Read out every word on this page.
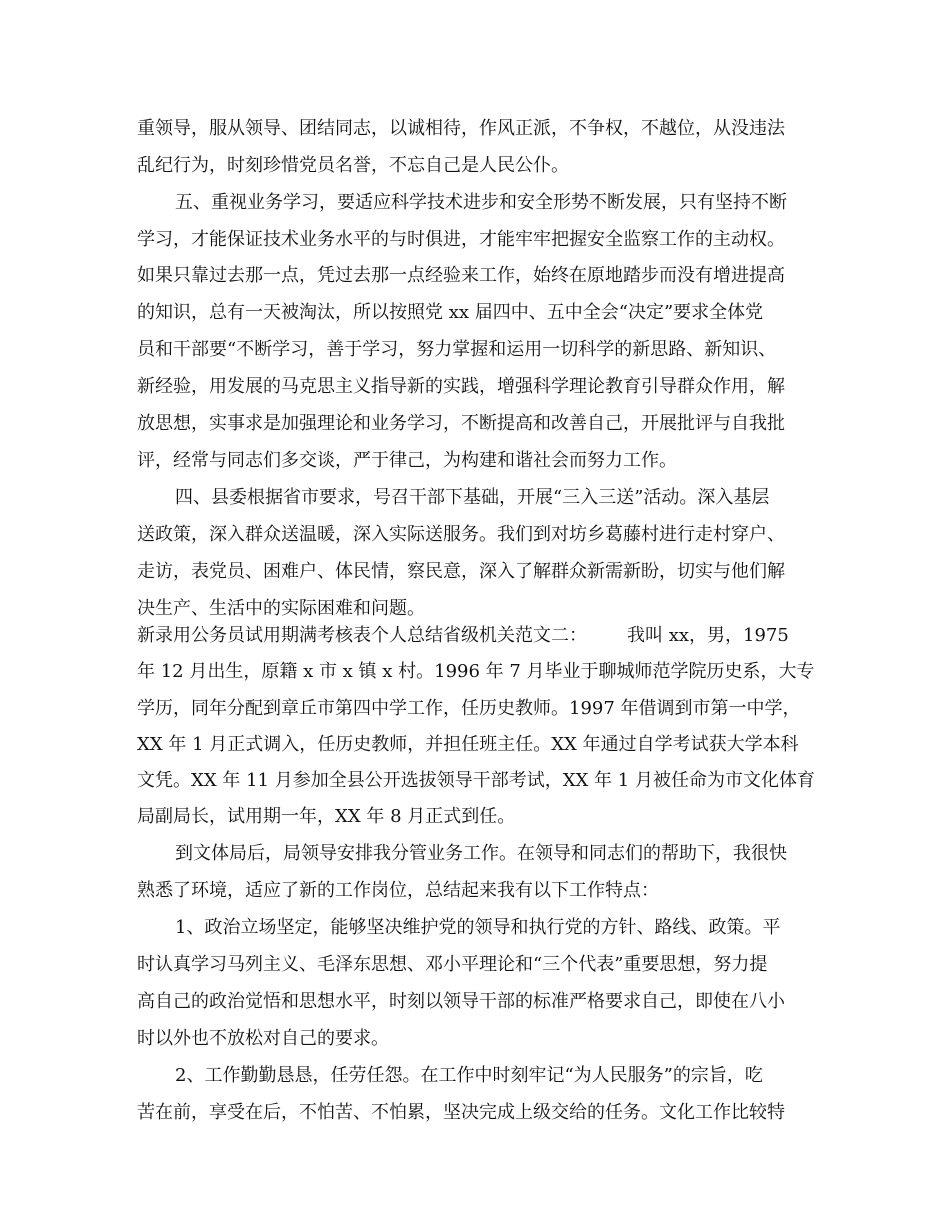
重领导，服从领导、团结同志，以诚相待，作风正派，不争权，不越位，从没违法

乱纪行为，时刻珍惜党员名誉，不忘自己是人民公仆。

五、重视业务学习，要适应科学技术进步和安全形势不断发展，只有坚持不断

学习，才能保证技术业务水平的与时俱进，才能牢牢把握安全监察工作的主动权。

如果只靠过去那一点，凭过去那一点经验来工作，始终在原地踏步而没有增进提高

的知识，总有一天被淘汰，所以按照党 xx 届四中、五中全会“决定”要求全体党

员和干部要“不断学习，善于学习，努力掌握和运用一切科学的新思路、新知识、

新经验，用发展的马克思主义指导新的实践，增强科学理论教育引导群众作用，解

放思想，实事求是加强理论和业务学习，不断提高和改善自己，开展批评与自我批

评，经常与同志们多交谈，严于律己，为构建和谐社会而努力工作。

四、县委根据省市要求，号召干部下基础，开展“三入三送”活动。深入基层

送政策，深入群众送温暖，深入实际送服务。我们到对坊乡葛藤村进行走村穿户、

走访，表党员、困难户、体民情，察民意，深入了解群众新需新盼，切实与他们解

决生产、生活中的实际困难和问题。

新录用公务员试用期满考核表个人总结省级机关范文二： 我叫 xx，男，1975

年 12 月出生，原籍 x 市 x 镇 x 村。1996 年 7 月毕业于聊城师范学院历史系，大专

学历，同年分配到章丘市第四中学工作，任历史教师。1997 年借调到市第一中学，

XX 年 1 月正式调入，任历史教师，并担任班主任。XX 年通过自学考试获大学本科

文凭。XX 年 11 月参加全县公开选拔领导干部考试，XX 年 1 月被任命为市文化体育

局副局长，试用期一年，XX 年 8 月正式到任。

到文体局后，局领导安排我分管业务工作。在领导和同志们的帮助下，我很快

熟悉了环境，适应了新的工作岗位，总结起来我有以下工作特点：

1、政治立场坚定，能够坚决维护党的领导和执行党的方针、路线、政策。平

时认真学习马列主义、毛泽东思想、邓小平理论和“三个代表”重要思想，努力提

高自己的政治觉悟和思想水平，时刻以领导干部的标准严格要求自己，即使在八小

时以外也不放松对自己的要求。

2、工作勤勤恳恳，任劳任怨。在工作中时刻牢记“为人民服务”的宗旨，吃

苦在前，享受在后，不怕苦、不怕累，坚决完成上级交给的任务。文化工作比较特
